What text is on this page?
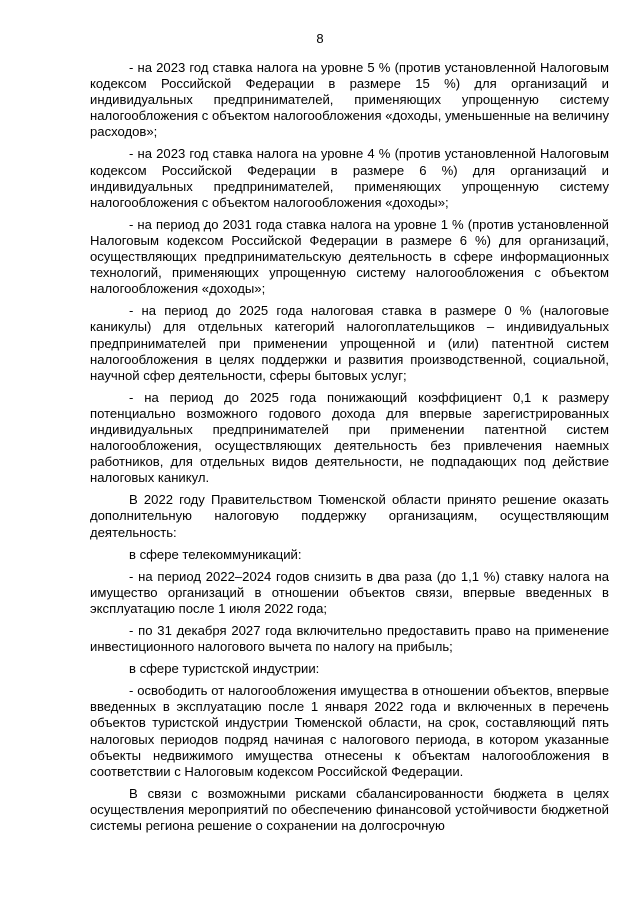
8

- на 2023 год ставка налога на уровне 5 % (против установленной Налоговым кодексом Российской Федерации в размере 15 %) для организаций и индивидуальных предпринимателей, применяющих упрощенную систему налогообложения с объектом налогообложения «доходы, уменьшенные на величину расходов»;

- на 2023 год ставка налога на уровне 4 % (против установленной Налоговым кодексом Российской Федерации в размере 6 %) для организаций и индивидуальных предпринимателей, применяющих упрощенную систему налогообложения с объектом налогообложения «доходы»;

- на период до 2031 года ставка налога на уровне 1 % (против установленной Налоговым кодексом Российской Федерации в размере 6 %) для организаций, осуществляющих предпринимательскую деятельность в сфере информационных технологий, применяющих упрощенную систему налогообложения с объектом налогообложения «доходы»;

- на период до 2025 года налоговая ставка в размере 0 % (налоговые каникулы) для отдельных категорий налогоплательщиков – индивидуальных предпринимателей при применении упрощенной и (или) патентной систем налогообложения в целях поддержки и развития производственной, социальной, научной сфер деятельности, сферы бытовых услуг;

- на период до 2025 года понижающий коэффициент 0,1 к размеру потенциально возможного годового дохода для впервые зарегистрированных индивидуальных предпринимателей при применении патентной систем налогообложения, осуществляющих деятельность без привлечения наемных работников, для отдельных видов деятельности, не подпадающих под действие налоговых каникул.

В 2022 году Правительством Тюменской области принято решение оказать дополнительную налоговую поддержку организациям, осуществляющим деятельность:

в сфере телекоммуникаций:

- на период 2022–2024 годов снизить в два раза (до 1,1 %) ставку налога на имущество организаций в отношении объектов связи, впервые введенных в эксплуатацию после 1 июля 2022 года;

- по 31 декабря 2027 года включительно предоставить право на применение инвестиционного налогового вычета по налогу на прибыль;

в сфере туристской индустрии:

- освободить от налогообложения имущества в отношении объектов, впервые введенных в эксплуатацию после 1 января 2022 года и включенных в перечень объектов туристской индустрии Тюменской области, на срок, составляющий пять налоговых периодов подряд начиная с налогового периода, в котором указанные объекты недвижимого имущества отнесены к объектам налогообложения в соответствии с Налоговым кодексом Российской Федерации.

В связи с возможными рисками сбалансированности бюджета в целях осуществления мероприятий по обеспечению финансовой устойчивости бюджетной системы региона решение о сохранении на долгосрочную
